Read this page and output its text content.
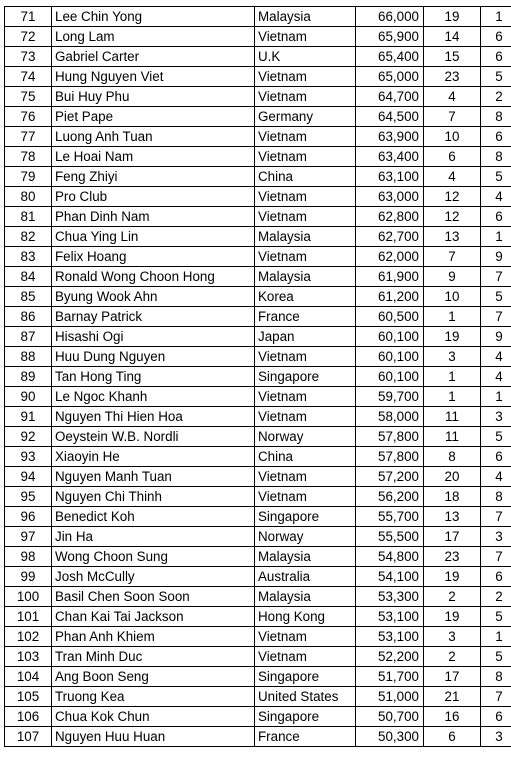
71	Lee Chin Yong	Malaysia	66,000	19	1
72	Long Lam	Vietnam	65,900	14	6
73	Gabriel Carter	U.K	65,400	15	6
74	Hung Nguyen Viet	Vietnam	65,000	23	5
75	Bui Huy Phu	Vietnam	64,700	4	2
76	Piet Pape	Germany	64,500	7	8
77	Luong Anh Tuan	Vietnam	63,900	10	6
78	Le Hoai Nam	Vietnam	63,400	6	8
79	Feng Zhiyi	China	63,100	4	5
80	Pro Club	Vietnam	63,000	12	4
81	Phan Dinh Nam	Vietnam	62,800	12	6
82	Chua Ying Lin	Malaysia	62,700	13	1
83	Felix Hoang	Vietnam	62,000	7	9
84	Ronald Wong Choon Hong	Malaysia	61,900	9	7
85	Byung Wook Ahn	Korea	61,200	10	5
86	Barnay Patrick	France	60,500	1	7
87	Hisashi Ogi	Japan	60,100	19	9
88	Huu Dung Nguyen	Vietnam	60,100	3	4
89	Tan Hong Ting	Singapore	60,100	1	4
90	Le Ngoc Khanh	Vietnam	59,700	1	1
91	Nguyen Thi Hien Hoa	Vietnam	58,000	11	3
92	Oeystein W.B. Nordli	Norway	57,800	11	5
93	Xiaoyin He	China	57,800	8	6
94	Nguyen Manh Tuan	Vietnam	57,200	20	4
95	Nguyen Chi Thinh	Vietnam	56,200	18	8
96	Benedict Koh	Singapore	55,700	13	7
97	Jin Ha	Norway	55,500	17	3
98	Wong Choon Sung	Malaysia	54,800	23	7
99	Josh McCully	Australia	54,100	19	6
100	Basil Chen Soon Soon	Malaysia	53,300	2	2
101	Chan Kai Tai Jackson	Hong Kong	53,100	19	5
102	Phan Anh Khiem	Vietnam	53,100	3	1
103	Tran Minh Duc	Vietnam	52,200	2	5
104	Ang Boon Seng	Singapore	51,700	17	8
105	Truong Kea	United States	51,000	21	7
106	Chua Kok Chun	Singapore	50,700	16	6
107	Nguyen Huu Huan	France	50,300	6	3
